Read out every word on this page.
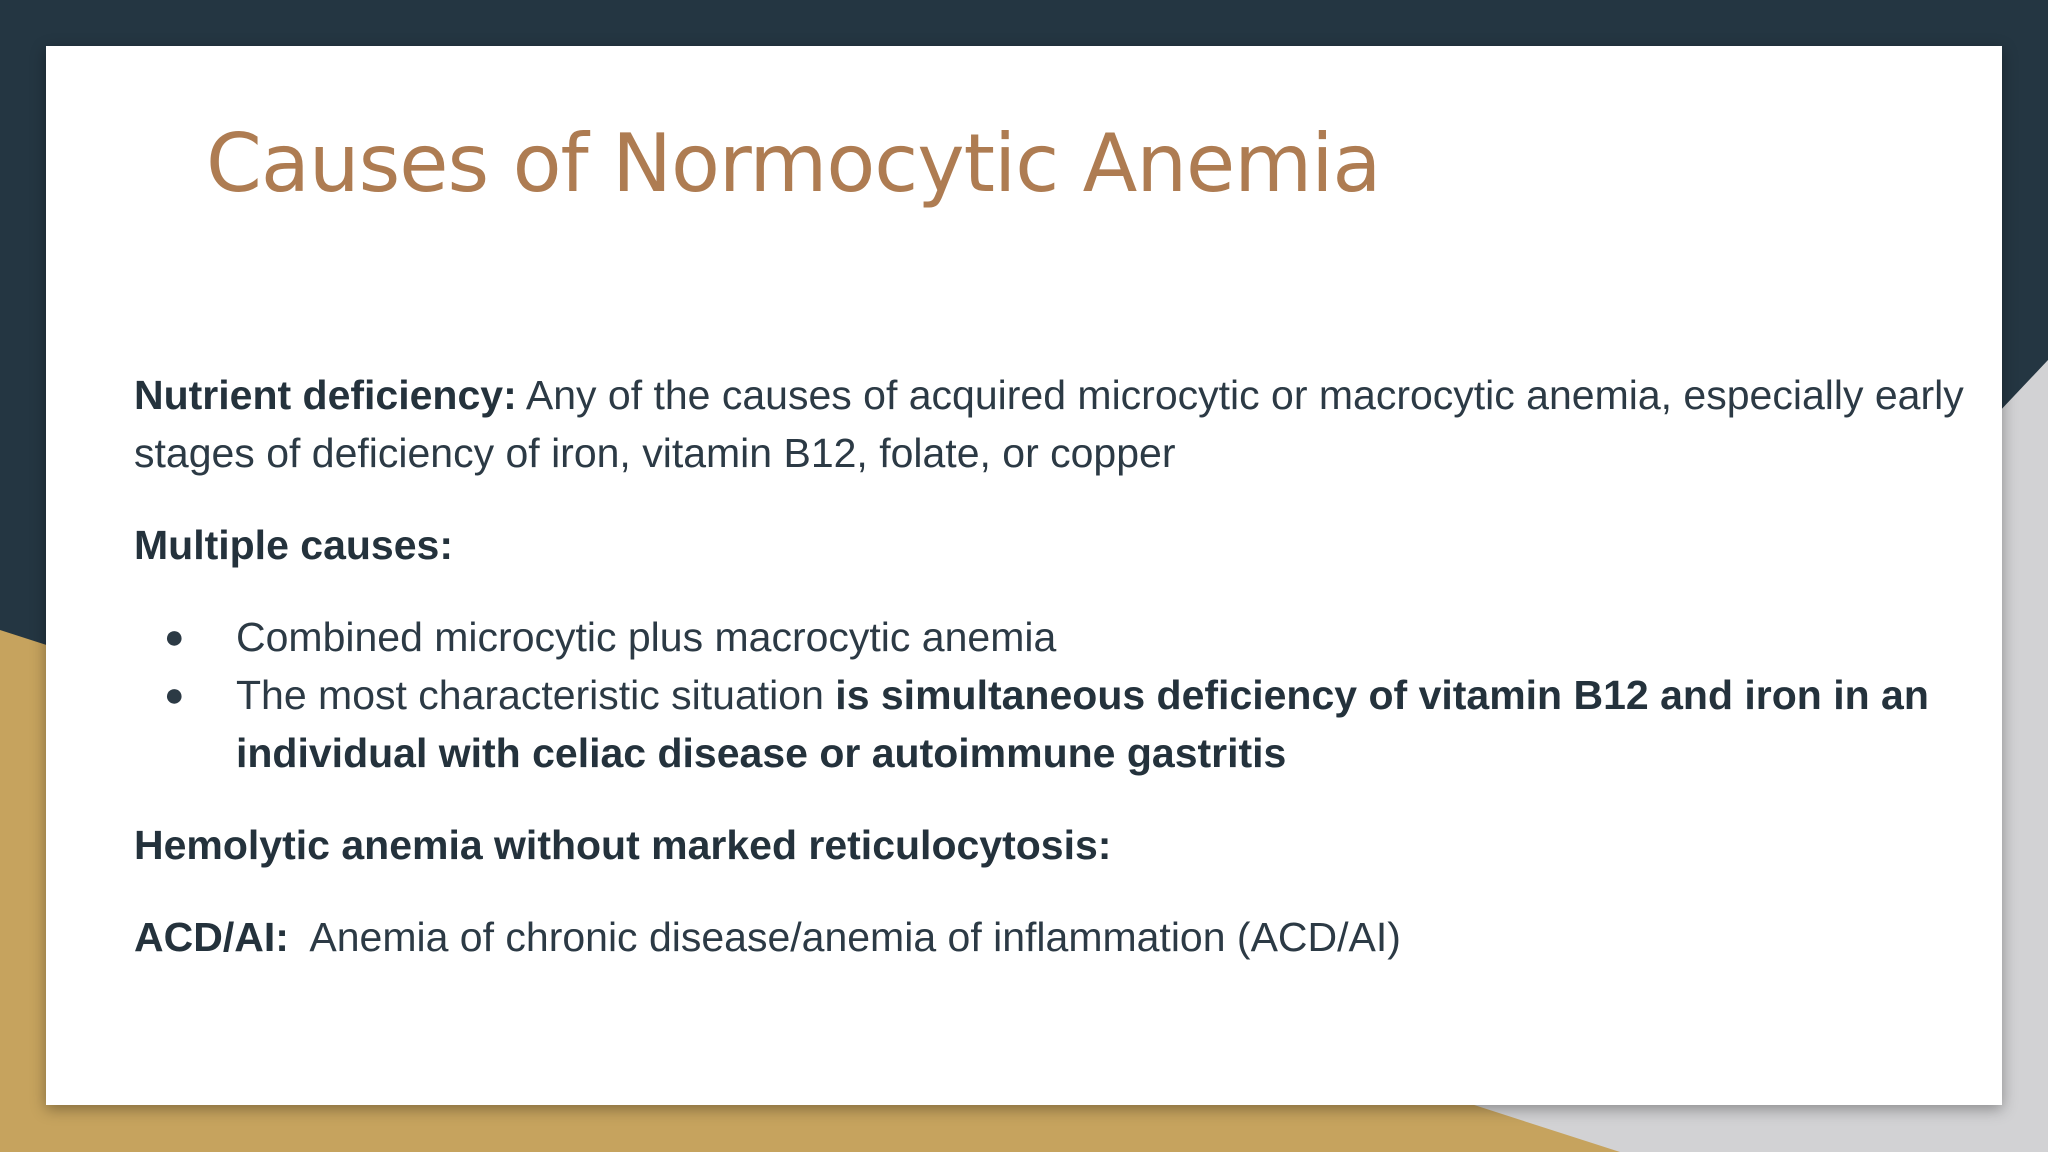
Causes of Normocytic Anemia

Nutrient deficiency: Any of the causes of acquired microcytic or macrocytic anemia, especially early stages of deficiency of iron, vitamin B12, folate, or copper

Multiple causes:

● Combined microcytic plus macrocytic anemia
● The most characteristic situation is simultaneous deficiency of vitamin B12 and iron in an individual with celiac disease or autoimmune gastritis

Hemolytic anemia without marked reticulocytosis:

ACD/AI:  Anemia of chronic disease/anemia of inflammation (ACD/AI)
